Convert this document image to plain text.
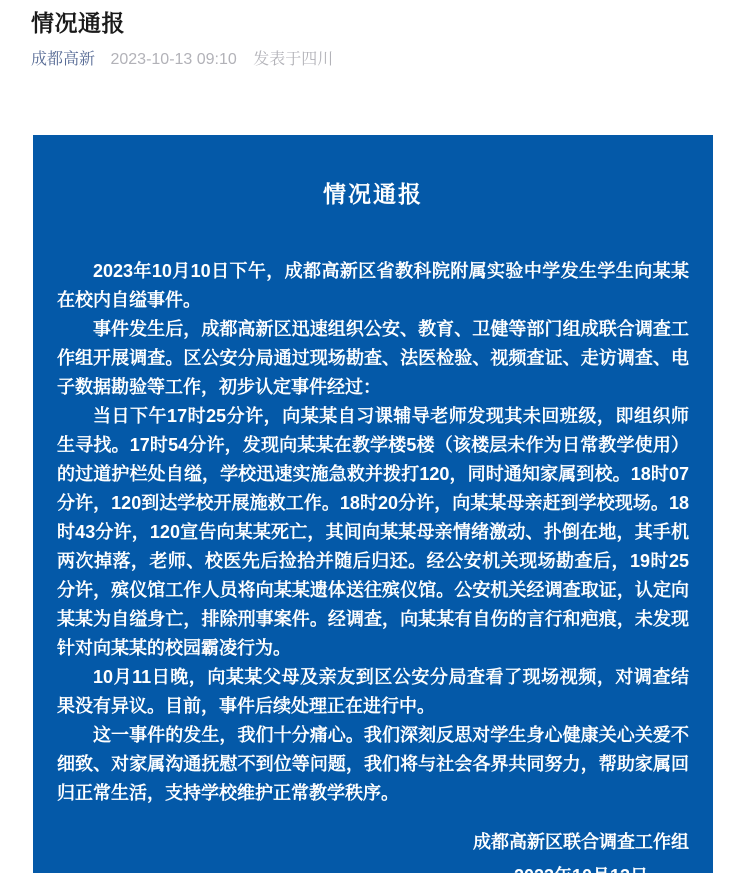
情况通报
成都高新 2023-10-13 09:10 发表于四川
情况通报

2023年10月10日下午，成都高新区省教科院附属实验中学发生学生向某某在校内自缢事件。

事件发生后，成都高新区迅速组织公安、教育、卫健等部门组成联合调查工作组开展调查。区公安分局通过现场勘查、法医检验、视频查证、走访调查、电子数据勘验等工作，初步认定事件经过：

当日下午17时25分许，向某某自习课辅导老师发现其未回班级，即组织师生寻找。17时54分许，发现向某某在教学楼5楼（该楼层未作为日常教学使用）的过道护栏处自缢，学校迅速实施急救并拨打120，同时通知家属到校。18时07分许，120到达学校开展施救工作。18时20分许，向某某母亲赶到学校现场。18时43分许，120宣告向某某死亡，其间向某某母亲情绪激动、扑倒在地，其手机两次掉落，老师、校医先后捡拾并随后归还。经公安机关现场勘查后，19时25分许，殡仪馆工作人员将向某某遗体送往殡仪馆。公安机关经调查取证，认定向某某为自缢身亡，排除刑事案件。经调查，向某某有自伤的言行和疤痕，未发现针对向某某的校园霸凌行为。

10月11日晚，向某某父母及亲友到区公安分局查看了现场视频，对调查结果没有异议。目前，事件后续处理正在进行中。

这一事件的发生，我们十分痛心。我们深刻反思对学生身心健康关心关爱不细致、对家属沟通抚慰不到位等问题，我们将与社会各界共同努力，帮助家属回归正常生活，支持学校维护正常教学秩序。

成都高新区联合调查工作组
2023年10月13日
